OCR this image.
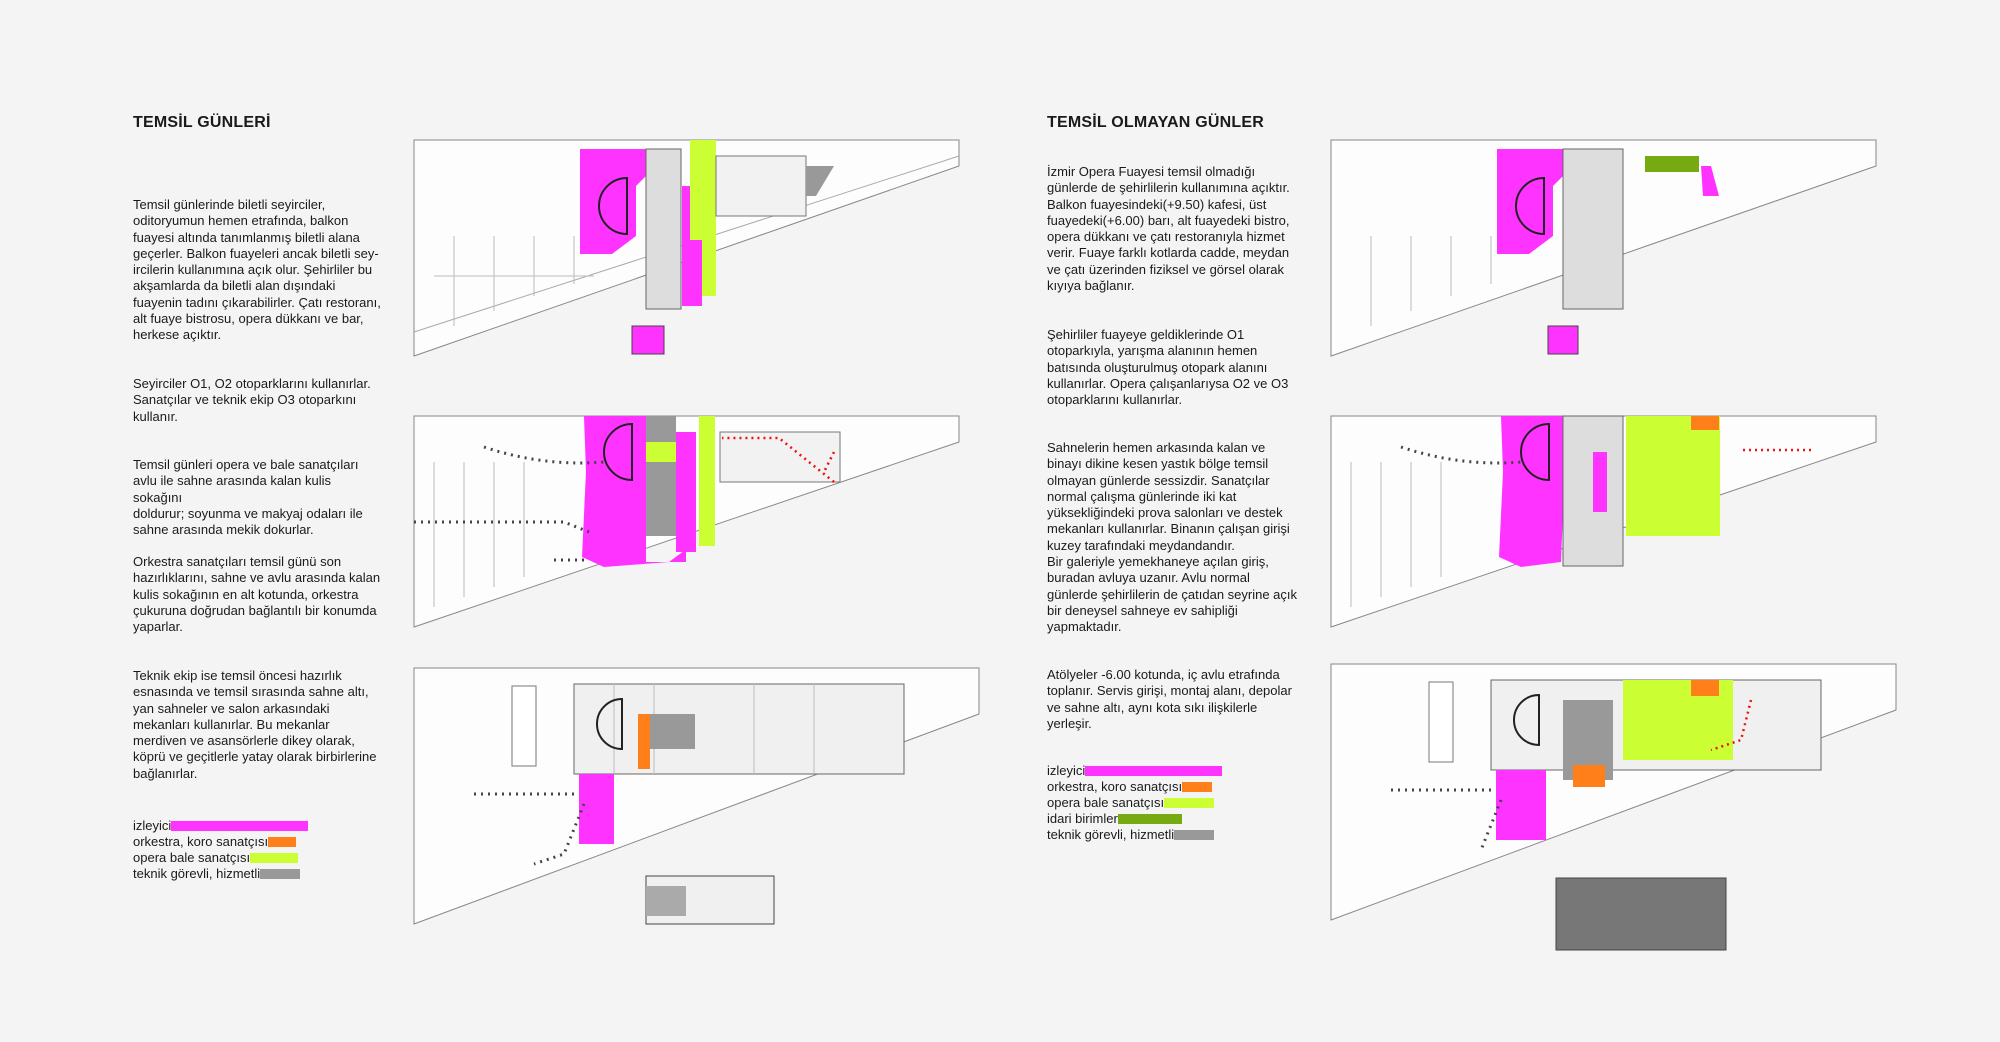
TEMSİL GÜNLERİ

Temsil günlerinde biletli seyirciler,
oditoryumun hemen etrafında, balkon
fuayesi altında tanımlanmış biletli alana
geçerler. Balkon fuayeleri ancak biletli sey-
ircilerin kullanımına açık olur. Şehirliler bu
akşamlarda da biletli alan dışındaki
fuayenin tadını çıkarabilirler. Çatı restoranı,
alt fuaye bistrosu, opera dükkanı ve bar,
herkese açıktır.

Seyirciler O1, O2 otoparklarını kullanırlar.
Sanatçılar ve teknik ekip O3 otoparkını
kullanır.

Temsil günleri opera ve bale sanatçıları
avlu ile sahne arasında kalan kulis sokağını
doldurur; soyunma ve makyaj odaları ile
sahne arasında mekik dokurlar.

Orkestra sanatçıları temsil günü son
hazırlıklarını, sahne ve avlu arasında kalan
kulis sokağının en alt kotunda, orkestra
çukuruna doğrudan bağlantılı bir konumda
yaparlar.

Teknik ekip ise temsil öncesi hazırlık
esnasında ve temsil sırasında sahne altı,
yan sahneler ve salon arkasındaki
mekanları kullanırlar. Bu mekanlar
merdiven ve asansörlerle dikey olarak,
köprü ve geçitlerle yatay olarak birbirlerine
bağlanırlar.

izleyici
orkestra, koro sanatçısı
opera bale sanatçısı
teknik görevli, hizmetli
TEMSİL OLMAYAN GÜNLER

İzmir Opera Fuayesi temsil olmadığı
günlerde de şehirlilerin kullanımına açıktır.
Balkon fuayesindeki(+9.50) kafesi, üst
fuayedeki(+6.00) barı, alt fuayedeki bistro,
opera dükkanı ve çatı restoranıyla hizmet
verir. Fuaye farklı kotlarda cadde, meydan
ve çatı üzerinden fiziksel ve görsel olarak
kıyıya bağlanır.

Şehirliler fuayeye geldiklerinde O1
otoparkıyla, yarışma alanının hemen
batısında oluşturulmuş otopark alanını
kullanırlar. Opera çalışanlarıysa O2 ve O3
otoparklarını kullanırlar.

Sahnelerin hemen arkasında kalan ve
binayı dikine kesen yastık bölge temsil
olmayan günlerde sessizdir. Sanatçılar
normal çalışma günlerinde iki kat
yüksekliğindeki prova salonları ve destek
mekanları kullanırlar. Binanın çalışan girişi
kuzey tarafındaki meydandandır.
Bir galeriyle yemekhaneye açılan giriş,
buradan avluya uzanır. Avlu normal
günlerde şehirlilerin de çatıdan seyrine açık
bir deneysel sahneye ev sahipliği
yapmaktadır.

Atölyeler -6.00 kotunda, iç avlu etrafında
toplanır. Servis girişi, montaj alanı, depolar
ve sahne altı, aynı kota sıkı ilişkilerle
yerleşir.

izleyici
orkestra, koro sanatçısı
opera bale sanatçısı
idari birimler
teknik görevli, hizmetli
